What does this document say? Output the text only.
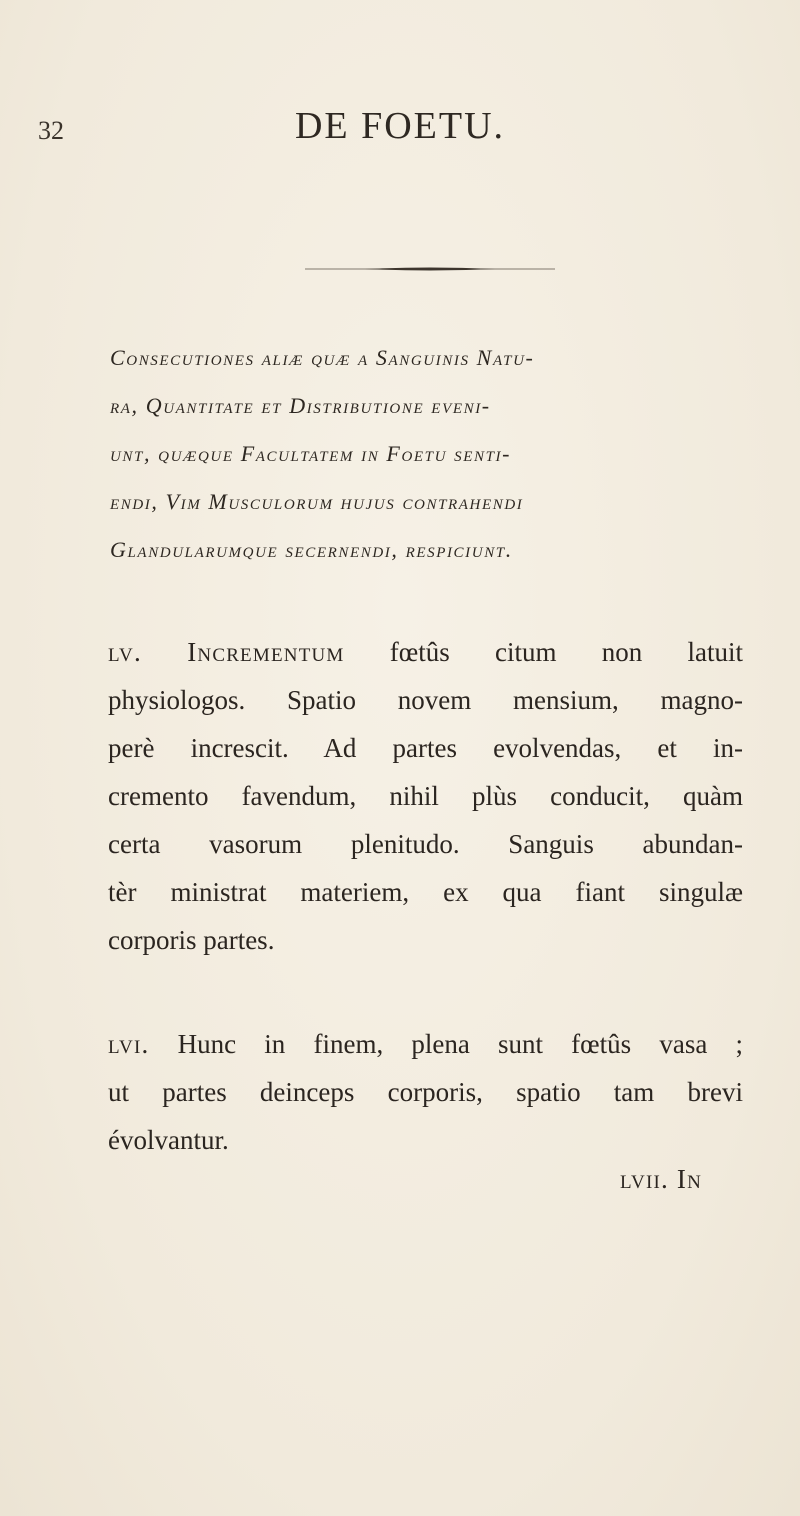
32	DE FOETU.
Consecutiones aliæ quæ a Sanguinis Natu-
ra, Quantitate et Distributione eveni-
unt, quæque Facultatem in Foetu senti-
endi, Vim Musculorum hujus contrahendi
Glandularumque secernendi, respiciunt.
lv. Incrementum fœtûs citum non latuit
physiologos. Spatio novem mensium, magno-
perè increscit. Ad partes evolvendas, et in-
cremento favendum, nihil plùs conducit, quàm
certa vasorum plenitudo. Sanguis abundan-
tèr ministrat materiem, ex qua fiant singulæ
corporis partes.
lvi. Hunc in finem, plena sunt fœtûs vasa ;
ut partes deinceps corporis, spatio tam brevi
évolvantur.
lvii. In
